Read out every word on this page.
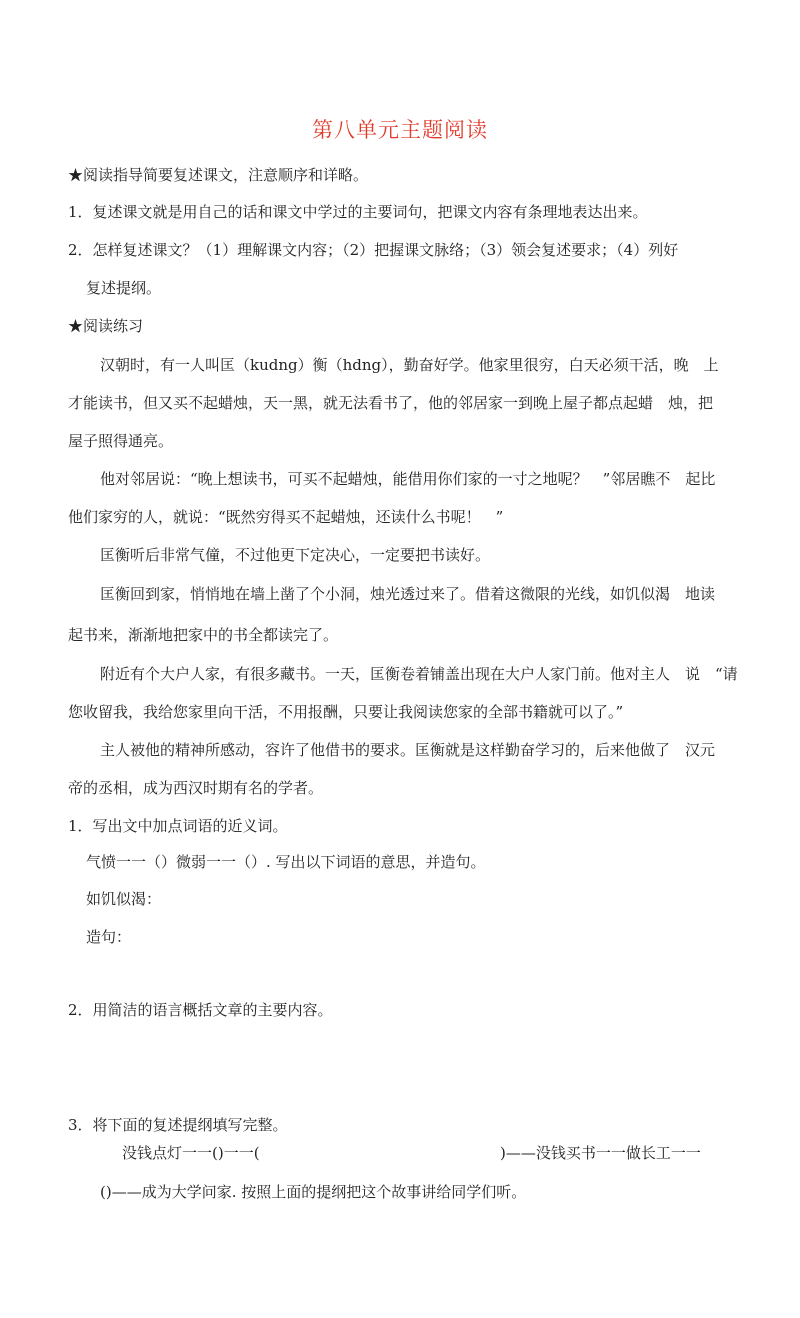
第八单元主题阅读
★阅读指导简要复述课文，注意顺序和详略。
1．复述课文就是用自己的话和课文中学过的主要词句，把课文内容有条理地表达出来。
2．怎样复述课文？（1）理解课文内容；（2）把握课文脉络；（3）领会复述要求；（4）列好
复述提纲。
★阅读练习
汉朝时，有一人叫匡（kudng）衡（hdng），勤奋好学。他家里很穷，白天必须干活，晚　上
才能读书，但又买不起蜡烛，天一黑，就无法看书了，他的邻居家一到晚上屋子都点起蜡　烛，把
屋子照得通亮。
他对邻居说：“晚上想读书，可买不起蜡烛，能借用你们家的一寸之地呢？　”邻居瞧不　起比
他们家穷的人，就说：“既然穷得买不起蜡烛，还读什么书呢！　”
匡衡听后非常气僮，不过他更下定决心，一定要把书读好。
匡衡回到家，悄悄地在墙上凿了个小洞，烛光透过来了。借着这微限的光线，如饥似渴　地读
起书来，渐渐地把家中的书全都读完了。
附近有个大户人家，有很多藏书。一天，匡衡卷着铺盖出现在大户人家门前。他对主人　说　“请
您收留我，我给您家里向干活，不用报酬，只要让我阅读您家的全部书籍就可以了。”
主人被他的精神所感动，容许了他借书的要求。匡衡就是这样勤奋学习的，后来他做了　汉元
帝的丞相，成为西汉时期有名的学者。
1．写出文中加点词语的近义词。
气愤一一（）微弱一一（）. 写出以下词语的意思，并造句。
如饥似渴：
造句：
2．用简洁的语言概括文章的主要内容。
3．将下面的复述提纲填写完整。
没钱点灯一一()一一(	)——没钱买书一一做长工一一
()——成为大学问家. 按照上面的提纲把这个故事讲给同学们听。
